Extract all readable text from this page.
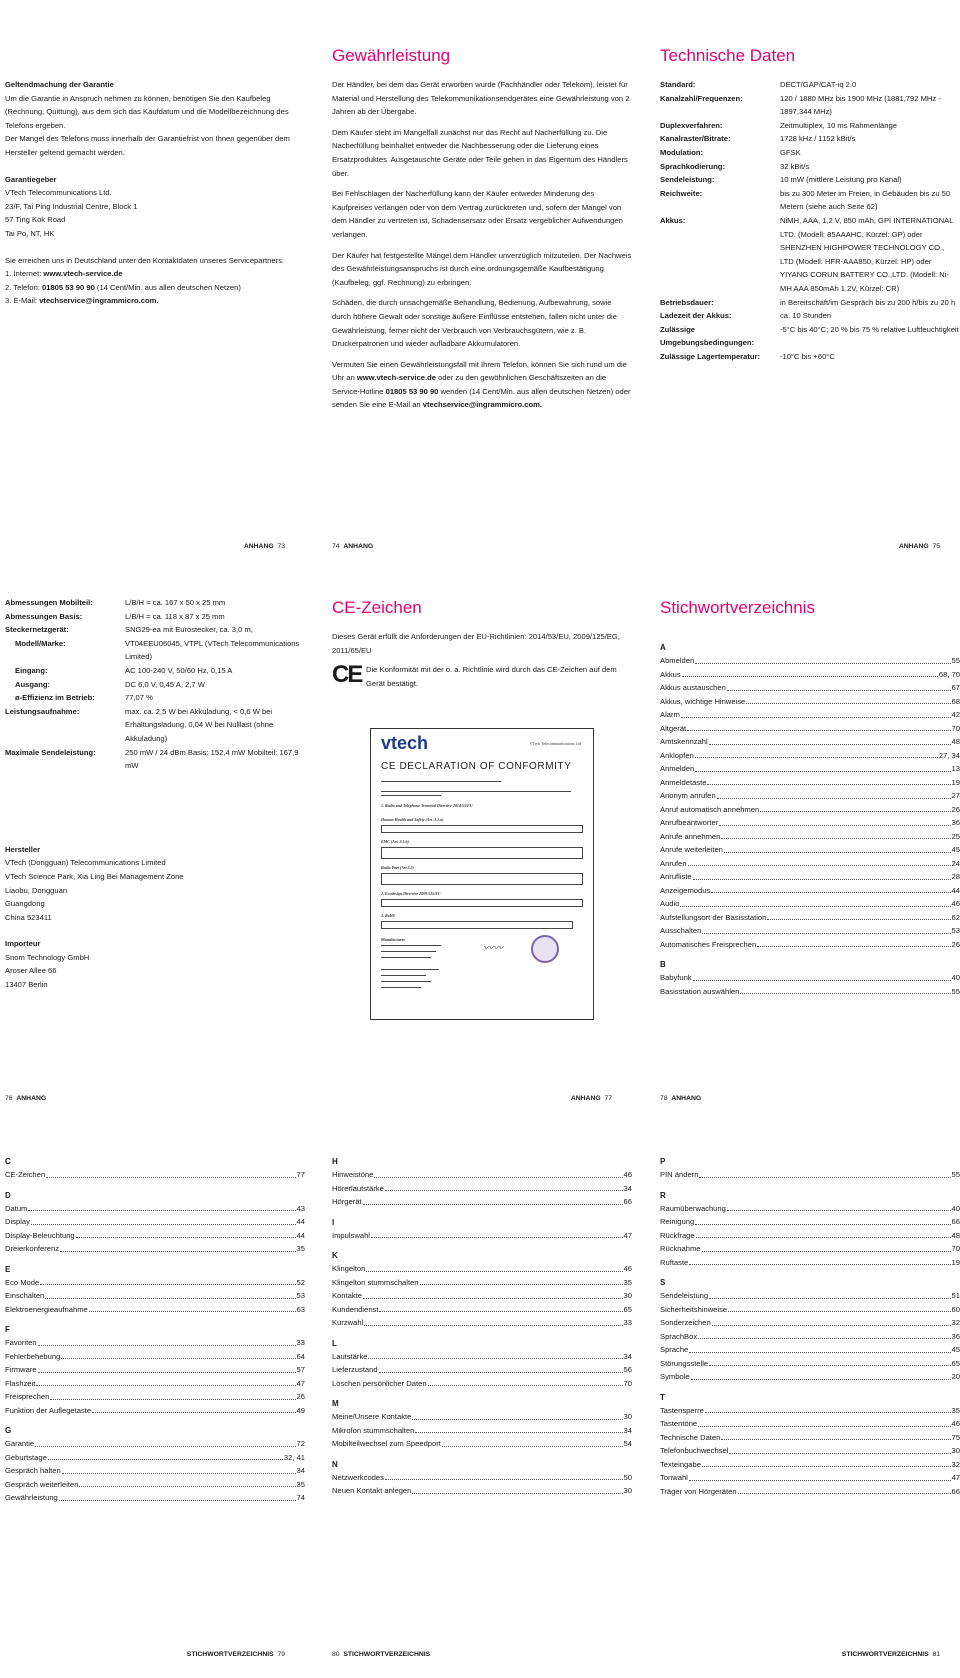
Geltendmachung der Garantie
Um die Garantie in Anspruch nehmen zu können, benötigen Sie den Kaufbeleg (Rechnung, Quittung), aus dem sich das Kaufdatum und die Modellbezeichnung des Telefons ergeben.
Der Mangel des Telefons muss innerhalb der Garantiefrist von Ihnen gegenüber dem Hersteller geltend gemacht werden.
Garantiegeber
VTech Telecommunications Ltd.
23/F, Tai Ping Industrial Centre, Block 1
57 Ting Kok Road
Tai Po, NT, HK
Sie erreichen uns in Deutschland unter den Kontaktdaten unseres Servicepartners:
1. Internet: www.vtech-service.de
2. Telefon: 01805 53 90 90 (14 Cent/Min. aus allen deutschen Netzen)
3. E-Mail: vtechservice@ingrammicro.com.
ANHANG 73
Gewährleistung

Der Händler, bei dem das Gerät erworben wurde (Fachhändler oder Telekom), leistet für Material und Herstellung des Telekommunikationsendgerätes eine Gewährleistung von 2 Jahren ab der Übergabe.

Dem Käufer steht im Mangelfall zunächst nur das Recht auf Nacherfüllung zu. Die Nacherfüllung beinhaltet entweder die Nachbesserung oder die Lieferung eines Ersatzproduktes. Ausgetauschte Geräte oder Teile gehen in das Eigentum des Händlers über.

Bei Fehlschlagen der Nacherfüllung kann der Käufer entweder Minderung des Kaufpreises verlangen oder von dem Vertrag zurücktreten und, sofern der Mangel von dem Händler zu vertreten ist, Schadensersatz oder Ersatz vergeblicher Aufwendungen verlangen.

Der Käufer hat festgestellte Mängel dem Händler unverzüglich mitzuteilen. Der Nachweis des Gewährleistungsanspruchs ist durch eine ordnungsgemäße Kaufbestätigung (Kaufbeleg, ggf. Rechnung) zu erbringen.

Schäden, die durch unsachgemäße Behandlung, Bedienung, Aufbewahrung, sowie durch höhere Gewalt oder sonstige äußere Einflüsse entstehen, fallen nicht unter die Gewährleistung, ferner nicht der Verbrauch von Verbrauchsgütern, wie z. B. Druckerpatronen und wieder aufladbare Akkumulatoren.

Vermuten Sie einen Gewährleistungsfall mit Ihrem Telefon, können Sie sich rund um die Uhr an www.vtech-service.de oder zu den gewöhnlichen Geschäftszeiten an die Service-Hotline 01805 53 90 90 wenden (14 Cent/Min. aus allen deutschen Netzen) oder senden Sie eine E-Mail an vtechservice@ingrammicro.com.

74 ANHANG
Technische Daten
Standard:	DECT/GAP/CAT-iq 2.0
Kanalzahl/Frequenzen:	120 / 1880 MHz bis 1900 MHz (1881,792 MHz - 1897,344 MHz)
Duplexverfahren:	Zeitmultiplex, 10 ms Rahmenlänge
Kanalraster/Bitrate:	1728 kHz / 1152 kBit/s
Modulation:	GFSK
Sprachkodierung:	32 kBit/s
Sendeleistung:	10 mW (mittlere Leistung pro Kanal)
Reichweite:	bis zu 300 Meter im Freien, in Gebäuden bis zu 50 Metern (siehe auch Seite 62)
Akkus:	NiMH, AAA, 1,2 V, 850 mAh, GPI INTERNATIONAL LTD. (Modell: 85AAAHC, Kürzel: GP) oder SHENZHEN HIGHPOWER TECHNOLOGY CO., LTD (Modell: HFR-AAA850, Kürzel: HP) oder YIYANG CORUN BATTERY CO.,LTD. (Modell: Ni-MH AAA 850mAh 1.2V, Kürzel: CR)
Betriebsdauer:	in Bereitschaft/im Gespräch bis zu 200 h/bis zu 20 h
Ladezeit der Akkus:	ca. 10 Stunden
Zulässige Umgebungsbedingungen:
-5°C bis 40°C; 20 % bis 75 % relative Luftfeuchtigkeit
Zulässige Lagertemperatur:	-10°C bis +60°C
ANHANG 75
Abmessungen Mobilteil:	L/B/H = ca. 167 x 50 x 25 mm
Abmessungen Basis:	L/B/H = ca. 118 x 87 x 25 mm
Steckernetzgerät:	SNG29-ea mit Eurostecker, ca. 3,0 m,
Modell/Marke:	VT04EEU06045, VTPL (VTech Telecommunications Limited)
Eingang:	AC 100-240 V, 50/60 Hz, 0,15 A
Ausgang:	DC 6,0 V, 0,45 A, 2,7 W
ø-Effizienz im Betrieb:	77,07 %
Leistungsaufnahme:	max. ca. 2,5 W bei Akkuladung, < 0,6 W bei Erhaltungsladung, 0,04 W bei Nulllast (ohne Akkuladung)
Maximale Sendeleistung:	250 mW / 24 dBm Basis: 152,4 mW Mobilteil: 167,9 mW
Hersteller
VTech (Dongguan) Telecommunications Limited
VTech Science Park, Xia Ling Bei Management Zone
Liaobu, Dongguan
Guangdong
China 523411
Importeur
Snom Technology GmbH
Aroser Allee 66
13407 Berlin
76 ANHANG
CE-Zeichen
Dieses Gerät erfüllt die Anforderungen der EU-Richtlinien: 2014/53/EU, 2009/125/EG, 2011/65/EU
CE Die Konformität mit der o. a. Richtlinie wird durch das CE-Zeichen auf dem Gerät bestätigt.
vtech	VTech Telecommunications Ltd
CE DECLARATION OF CONFORMITY
1. Radio and Telephone Terminal Directive 2014/53/EU
Human Health and Safety (Art. 3.1.a)
EMC (Art. 3.1.b)
Radio Part (Art 3.2)
2. Ecodesign Directive 2009/125/EC
3. RoHS
Manufacturer
〰〰
ANHANG 77
Stichwortverzeichnis
A
Abmelden	55
Akkus	68, 70
Akkus austauschen	67
Akkus, wichtige Hinweise	68
Alarm	42
Altgerät	70
Amtskennzahl	48
Anklopfen	27, 34
Anmelden	13
Anmeldetaste	19
Anonym anrufen	27
Anruf automatisch annehmen	26
Anrufbeantworter	36
Anrufe annehmen	25
Anrufe weiterleiten	45
Anrufen	24
Anrufliste	28
Anzeigemodus	44
Audio	46
Aufstellungsort der Basisstation	62
Ausschalten	53
Automatisches Freisprechen	26
B
Babyfunk	40
Basisstation auswählen	55
78 ANHANG
C
CE-Zeichen	77
D
Datum	43
Display	44
Display-Beleuchtung	44
Dreierkonferenz	35
E
Eco Mode	52
Einschalten	53
Elektroenergieaufnahme	63
F
Favoriten	33
Fehlerbehebung	64
Firmware	57
Flashzeit	47
Freisprechen	26
Funktion der Auflegetaste	49
G
Garantie	72
Geburtstage	32, 41
Gespräch halten	34
Gespräch weiterleiten	35
Gewährleistung	74
STICHWORTVERZEICHNIS 79
H
Hinweistöne	46
Hörerlautstärke	34
Hörgerät	66
I
Impulswahl	47
K
Klingelton	46
Klingelton stummschalten	35
Kontakte	30
Kundendienst	65
Kurzwahl	33
L
Lautstärke	34
Lieferzustand	56
Löschen persönlicher Daten	70
M
Meine/Unsere Kontakte	30
Mikrofon stummschalten	34
Mobilteilwechsel zum Speedport	54
N
Netzwerkcodes	50
Neuen Kontakt anlegen	30
80 STICHWORTVERZEICHNIS
P
PIN ändern	55
R
Raumüberwachung	40
Reinigung	66
Rückfrage	48
Rücknahme	70
Ruftaste	19
S
Sendeleistung	51
Sicherheitshinweise	60
Sonderzeichen	32
SprachBox	36
Sprache	45
Störungsstelle	65
Symbole	20
T
Tastensperre	35
Tastentöne	46
Technische Daten	75
Telefonbuchwechsel	30
Texteingabe	32
Tonwahl	47
Träger von Hörgeräten	66
STICHWORTVERZEICHNIS 81
